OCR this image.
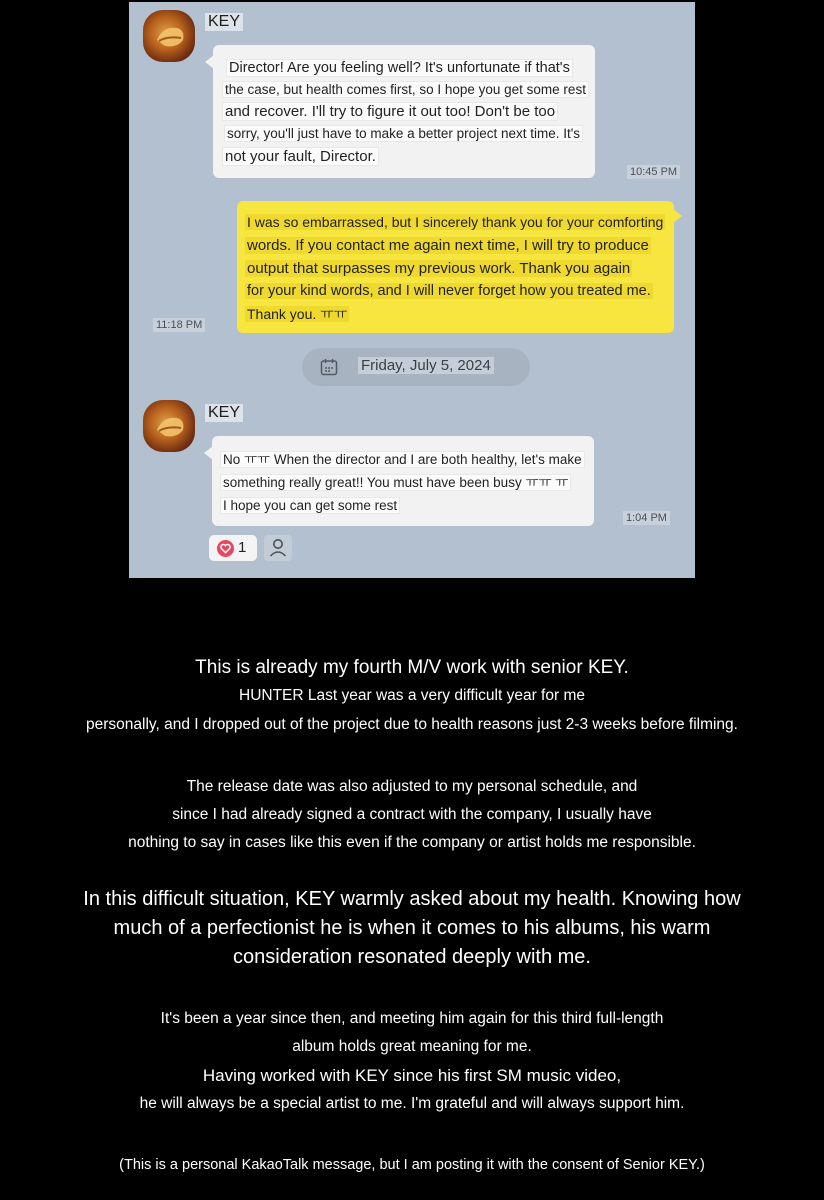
KEY
Director! Are you feeling well? It's unfortunate if that's
the case, but health comes first, so I hope you get some rest
and recover. I'll try to figure it out too! Don't be too
sorry, you'll just have to make a better project next time. It's
not your fault, Director.
10:45 PM
I was so embarrassed, but I sincerely thank you for your comforting
words. If you contact me again next time, I will try to produce
output that surpasses my previous work. Thank you again
for your kind words, and I will never forget how you treated me.
Thank you. ㅠㅠ
11:18 PM
Friday, July 5, 2024
KEY
No ㅠㅠ When the director and I are both healthy, let's make
something really great!! You must have been busy ㅠㅠ ㅠ
I hope you can get some rest
1:04 PM
1

This is already my fourth M/V work with senior KEY.

HUNTER Last year was a very difficult year for me

personally, and I dropped out of the project due to health reasons just 2-3 weeks before filming.

The release date was also adjusted to my personal schedule, and

since I had already signed a contract with the company, I usually have

nothing to say in cases like this even if the company or artist holds me responsible.

In this difficult situation, KEY warmly asked about my health. Knowing how

much of a perfectionist he is when it comes to his albums, his warm

consideration resonated deeply with me.

It's been a year since then, and meeting him again for this third full-length

album holds great meaning for me.

Having worked with KEY since his first SM music video,

he will always be a special artist to me. I'm grateful and will always support him.

(This is a personal KakaoTalk message, but I am posting it with the consent of Senior KEY.)
